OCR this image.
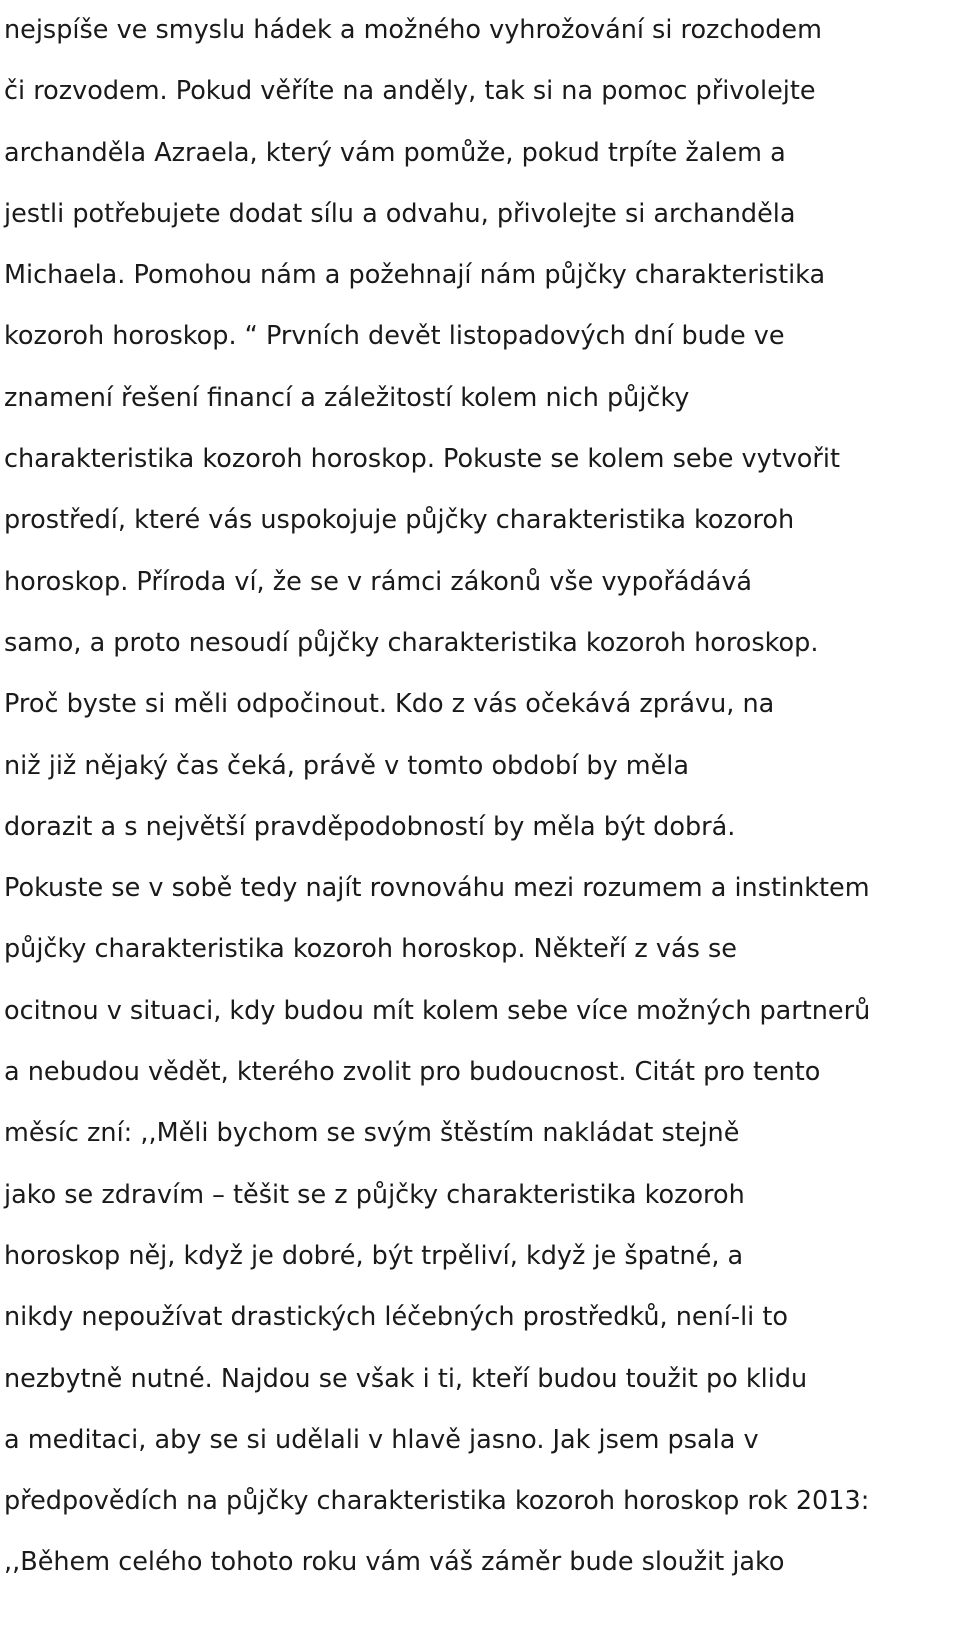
nejspíše ve smyslu hádek a možného vyhrožování si rozchodem
či rozvodem. Pokud věříte na anděly, tak si na pomoc přivolejte
archanděla Azraela, který vám pomůže, pokud trpíte žalem a
jestli potřebujete dodat sílu a odvahu, přivolejte si archanděla
Michaela. Pomohou nám a požehnají nám půjčky charakteristika
kozoroh horoskop. “ Prvních devět listopadových dní bude ve
znamení řešení financí a záležitostí kolem nich půjčky
charakteristika kozoroh horoskop. Pokuste se kolem sebe vytvořit
prostředí, které vás uspokojuje půjčky charakteristika kozoroh
horoskop. Příroda ví, že se v rámci zákonů vše vypořádává
samo, a proto nesoudí půjčky charakteristika kozoroh horoskop.
Proč byste si měli odpočinout. Kdo z vás očekává zprávu, na
niž již nějaký čas čeká, právě v tomto období by měla
dorazit a s největší pravděpodobností by měla být dobrá.
Pokuste se v sobě tedy najít rovnováhu mezi rozumem a instinktem
půjčky charakteristika kozoroh horoskop. Někteří z vás se
ocitnou v situaci, kdy budou mít kolem sebe více možných partnerů
a nebudou vědět, kterého zvolit pro budoucnost. Citát pro tento
měsíc zní: ,,Měli bychom se svým štěstím nakládat stejně
jako se zdravím – těšit se z půjčky charakteristika kozoroh
horoskop něj, když je dobré, být trpěliví, když je špatné, a
nikdy nepoužívat drastických léčebných prostředků, není-li to
nezbytně nutné. Najdou se však i ti, kteří budou toužit po klidu
a meditaci, aby se si udělali v hlavě jasno. Jak jsem psala v
předpovědích na půjčky charakteristika kozoroh horoskop rok 2013:
,,Během celého tohoto roku vám váš záměr bude sloužit jako
